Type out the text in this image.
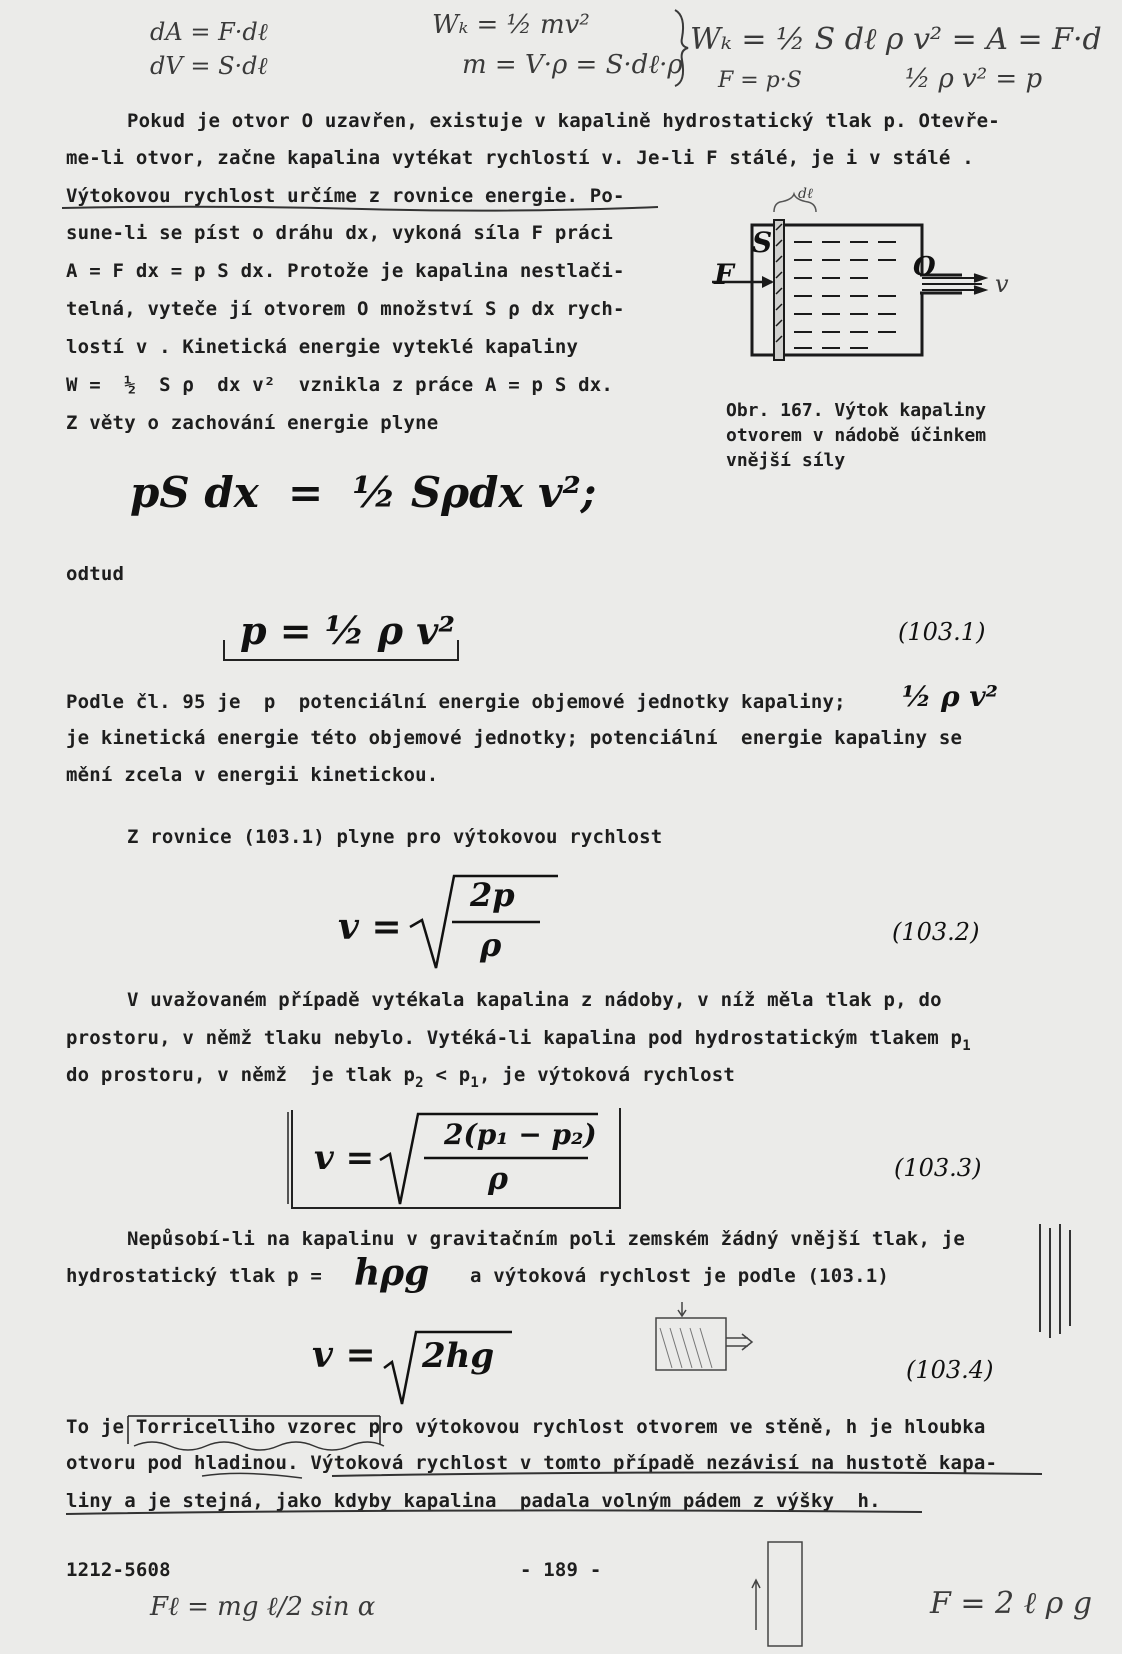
dA = F·dℓ
dV = S·dℓ
Wₖ = ½ mv²
m = V·ρ = S·dℓ·ρ
Wₖ = ½ S dℓ ρ v² = A = F·d
F = p·S	½ ρ v² = p
Pokud je otvor O uzavřen, existuje v kapalině hydrostatický tlak p. Otevře-
me-li otvor, začne kapalina vytékat rychlostí v. Je-li F stálé, je i v stálé .
Výtokovou rychlost určíme z rovnice energie. Po-
sune-li se píst o dráhu dx, vykoná síla F práci
A = F dx = p S dx. Protože je kapalina nestlači-
telná, vyteče jí otvorem O množství S ρ dx rych-
lostí v . Kinetická energie vyteklé kapaliny
W =  ½  S ρ  dx v²  vznikla z práce A = p S dx.
Z věty o zachování energie plyne
S
F	O
v
dℓ
Obr. 167. Výtok kapaliny
otvorem v nádobě účinkem
vnější síly
pS dx  =  ½ Sρdx v²;
odtud
p = ½ ρ v²	(103.1)
Podle čl. 95 je  p  potenciální energie objemové jednotky kapaliny; ½ ρ v²
je kinetická energie této objemové jednotky; potenciální  energie kapaliny se
mění zcela v energii kinetickou.
Z rovnice (103.1) plyne pro výtokovou rychlost
v =
2p
ρ	(103.2)
V uvažovaném případě vytékala kapalina z nádoby, v níž měla tlak p, do
prostoru, v němž tlaku nebylo. Vytéká-li kapalina pod hydrostatickým tlakem $p_1$
do prostoru, v němž  je tlak $p_2 < p_1$, je výtoková rychlost
v =
2(p₁ − p₂)
ρ	(103.3)
Nepůsobí-li na kapalinu v gravitačním poli zemském žádný vnější tlak, je
hydrostatický tlak p = hρg a výtoková rychlost je podle (103.1)
v = 2hg	(103.4)
To je Torricelliho vzorec pro výtokovou rychlost otvorem ve stěně, h je hloubka
otvoru pod hladinou. Výtoková rychlost v tomto případě nezávisí na hustotě kapa-
liny a je stejná, jako kdyby kapalina  padala volným pádem z výšky  h.
1212-5608	- 189 -
Fℓ = mg ℓ/2 sin α	F = 2 ℓ ρ g
